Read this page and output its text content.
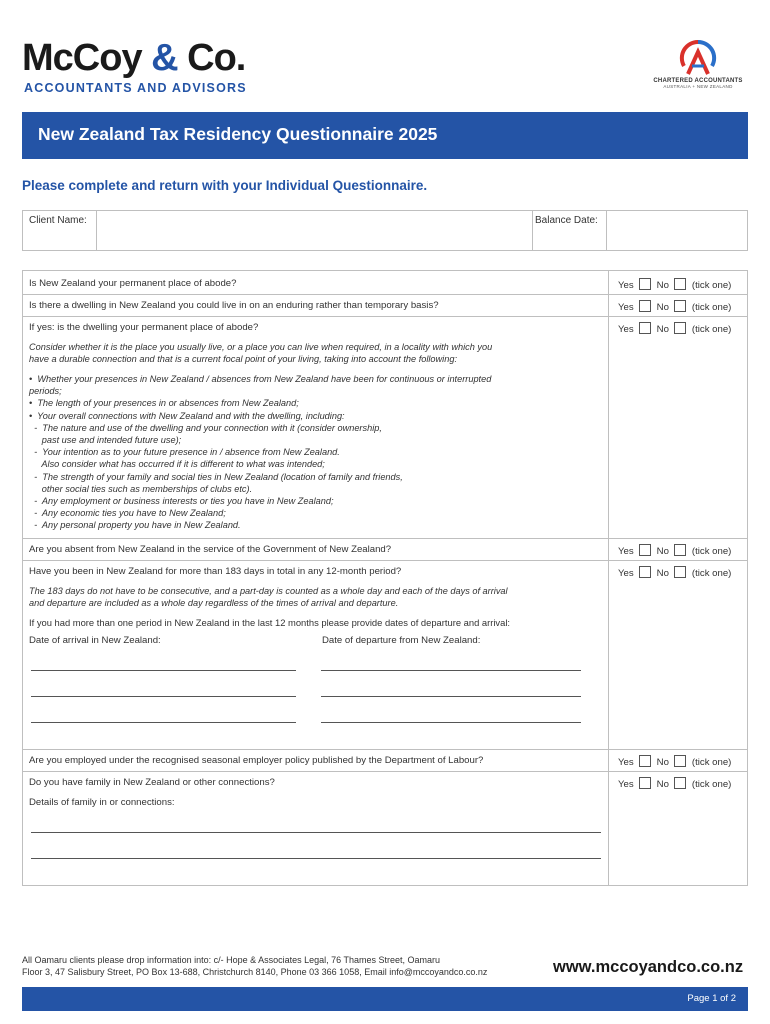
McCoy & Co.
ACCOUNTANTS AND ADVISORS	CHARTERED ACCOUNTANTS
AUSTRALIA + NEW ZEALAND
New Zealand Tax Residency Questionnaire 2025
Please complete and return with your Individual Questionnaire.
Client Name:	Balance Date:
Is New Zealand your permanent place of abode?	Yes No (tick one)
Is there a dwelling in New Zealand you could live in on an enduring rather than temporary basis?	Yes No (tick one)
If yes: is the dwelling your permanent place of abode?	Yes No (tick one)
Consider whether it is the place you usually live, or a place you can live when required, in a locality with which you
have a durable connection and that is a current focal point of your living, taking into account the following:
•  Whether your presences in New Zealand / absences from New Zealand have been for continuous or interrupted
periods;
•  The length of your presences in or absences from New Zealand;
•  Your overall connections with New Zealand and with the dwelling, including:
-  The nature and use of the dwelling and your connection with it (consider ownership,
past use and intended future use);
-  Your intention as to your future presence in / absence from New Zealand.
Also consider what has occurred if it is different to what was intended;
-  The strength of your family and social ties in New Zealand (location of family and friends,
other social ties such as memberships of clubs etc).
-  Any employment or business interests or ties you have in New Zealand;
-  Any economic ties you have to New Zealand;
-  Any personal property you have in New Zealand.
Are you absent from New Zealand in the service of the Government of New Zealand?	Yes No (tick one)
Have you been in New Zealand for more than 183 days in total in any 12-month period?	Yes No (tick one)
The 183 days do not have to be consecutive, and a part-day is counted as a whole day and each of the days of arrival
and departure are included as a whole day regardless of the times of arrival and departure.
If you had more than one period in New Zealand in the last 12 months please provide dates of departure and arrival:
Date of arrival in New Zealand:	Date of departure from New Zealand:
Are you employed under the recognised seasonal employer policy published by the Department of Labour?	Yes No (tick one)
Do you have family in New Zealand or other connections?	Yes No (tick one)
Details of family in or connections:
All Oamaru clients please drop information into: c/- Hope & Associates Legal, 76 Thames Street, Oamaru
Floor 3, 47 Salisbury Street, PO Box 13-688, Christchurch 8140, Phone 03 366 1058, Email info@mccoyandco.co.nz	www.mccoyandco.co.nz
Page 1 of 2
